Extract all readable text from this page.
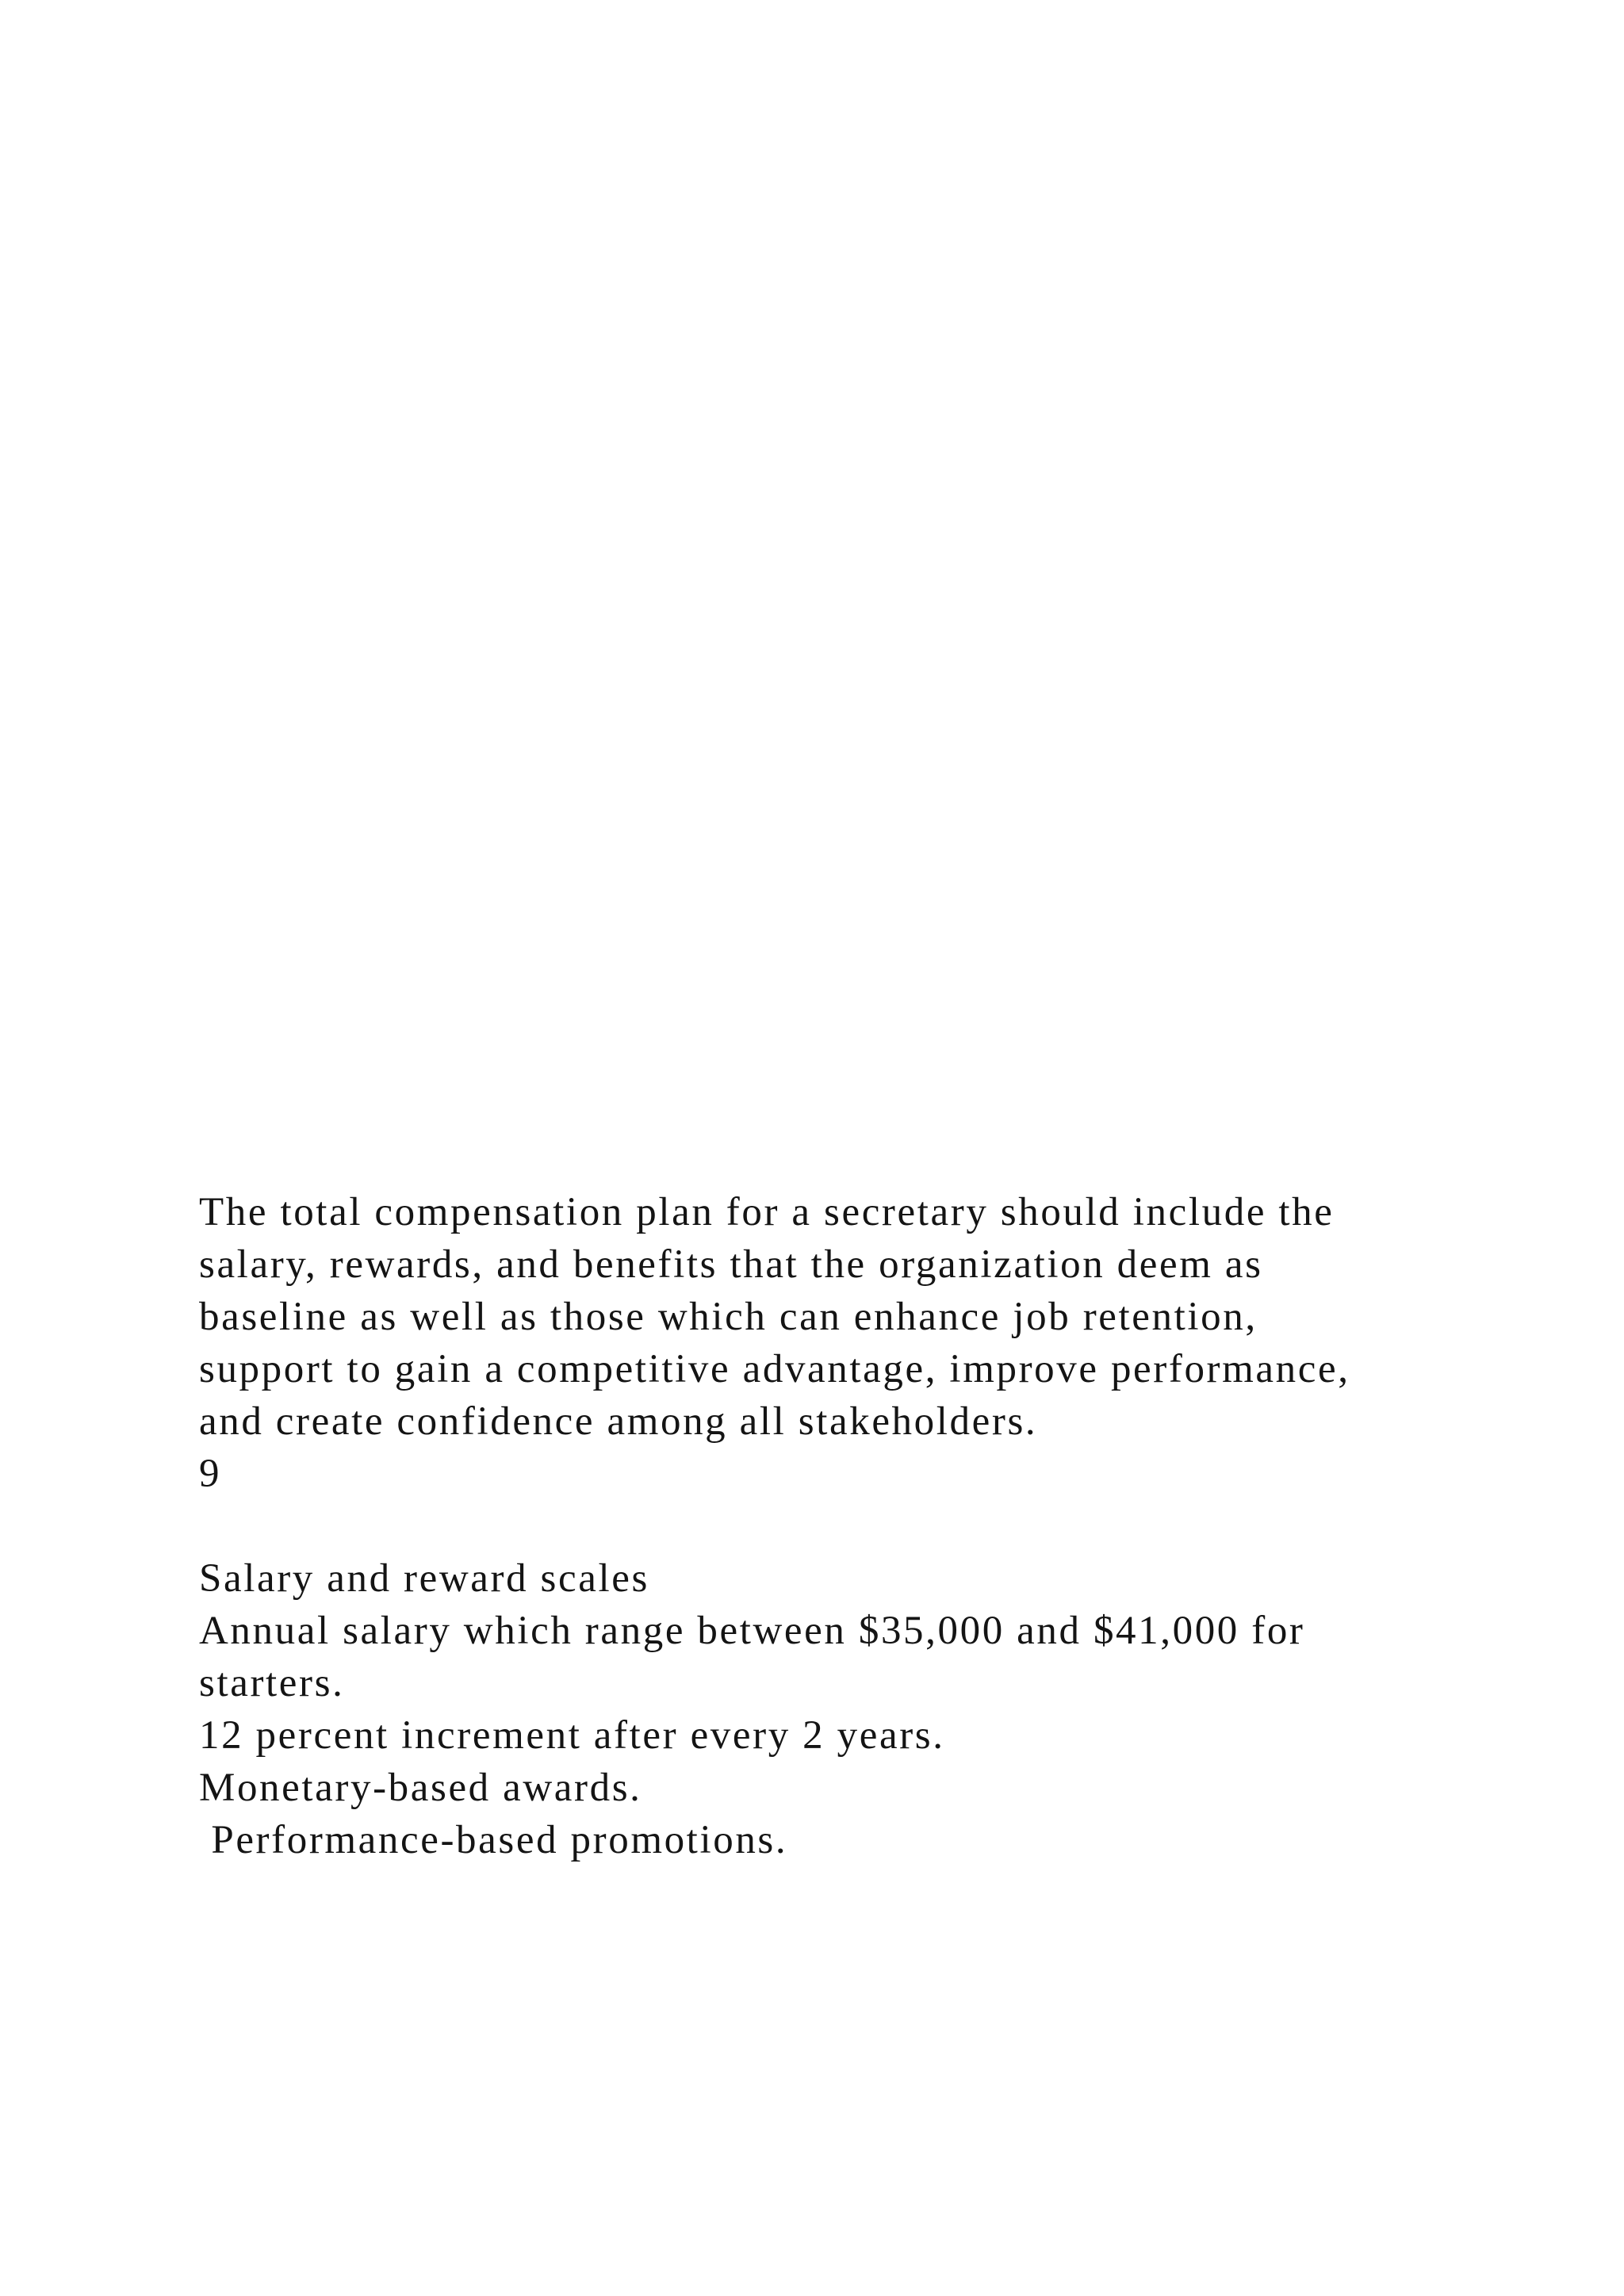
The total compensation plan for a secretary should include the
salary, rewards, and benefits that the organization deem as
baseline as well as those which can enhance job retention,
support to gain a competitive advantage, improve performance,
and create confidence among all stakeholders.
9
Salary and reward scales
Annual salary which range between $35,000 and $41,000 for
starters.
12 percent increment after every 2 years.
Monetary-based awards.
Performance-based promotions.
